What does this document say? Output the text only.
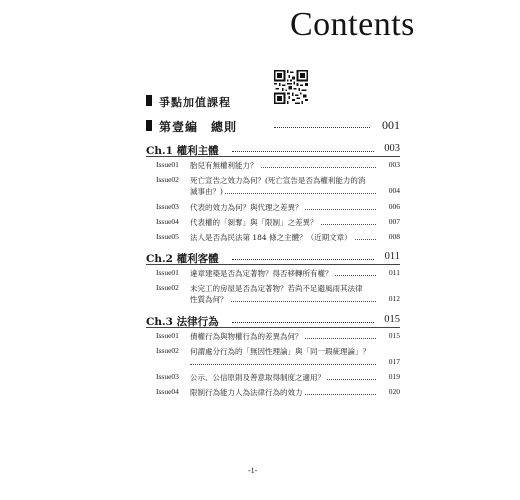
Contents
爭點加值課程
第壹編　總則	001
Ch.1 權利主體	003
Issue01 胎兒有無權利能力？	003
Issue02 死亡宣告之效力為何？(死亡宣告是否為權利能力的消
滅事由？)	004
Issue03 代表的效力為何？與代理之差異？	006
Issue04 代表權的「剝奪」與「限制」之差異？	007
Issue05 法人是否為民法第 184 條之主體？（近期文章）	008
Ch.2 權利客體	011
Issue01 違章建築是否為定著物？得否移轉所有權？	011
Issue02 未完工的房屋是否為定著物？若尚不足避風雨其法律
性質為何？	012
Ch.3 法律行為	015
Issue01 債權行為與物權行為的差異為何？	015
Issue02 何謂處分行為的「無因性理論」與「同一瑕疵理論」？
017
Issue03 公示、公信原則及善意取得制度之適用？	019
Issue04 限制行為能力人為法律行為的效力	020
-1-
